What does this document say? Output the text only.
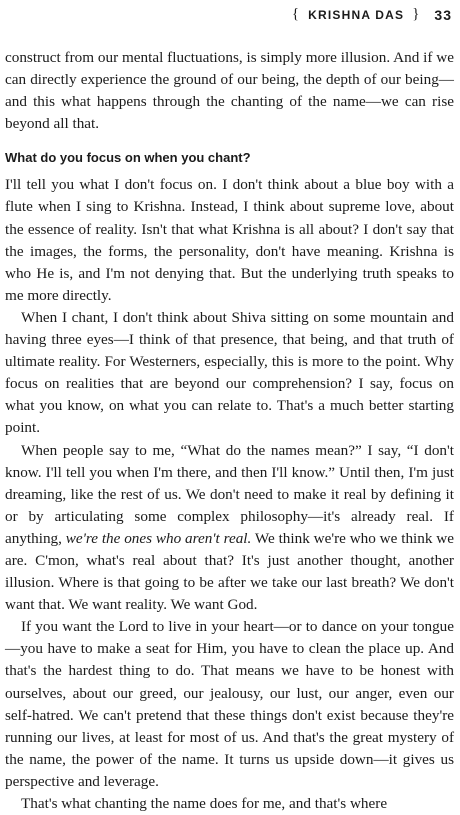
{ KRISHNA DAS } 33

construct from our mental fluctuations, is simply more illusion. And if we can directly experience the ground of our being, the depth of our being—and this what happens through the chanting of the name—we can rise beyond all that.

What do you focus on when you chant?

I'll tell you what I don't focus on. I don't think about a blue boy with a flute when I sing to Krishna. Instead, I think about supreme love, about the essence of reality. Isn't that what Krishna is all about? I don't say that the images, the forms, the personality, don't have meaning. Krishna is who He is, and I'm not denying that. But the underlying truth speaks to me more directly.

When I chant, I don't think about Shiva sitting on some mountain and having three eyes—I think of that presence, that being, and that truth of ultimate reality. For Westerners, especially, this is more to the point. Why focus on realities that are beyond our comprehension? I say, focus on what you know, on what you can relate to. That's a much better starting point.

When people say to me, “What do the names mean?” I say, “I don't know. I'll tell you when I'm there, and then I'll know.” Until then, I'm just dreaming, like the rest of us. We don't need to make it real by defining it or by articulating some complex philosophy—it's already real. If anything, we're the ones who aren't real. We think we're who we think we are. C'mon, what's real about that? It's just another thought, another illusion. Where is that going to be after we take our last breath? We don't want that. We want reality. We want God.

If you want the Lord to live in your heart—or to dance on your tongue—you have to make a seat for Him, you have to clean the place up. And that's the hardest thing to do. That means we have to be honest with ourselves, about our greed, our jealousy, our lust, our anger, even our self-hatred. We can't pretend that these things don't exist because they're running our lives, at least for most of us. And that's the great mystery of the name, the power of the name. It turns us upside down—it gives us perspective and leverage.

That's what chanting the name does for me, and that's where
